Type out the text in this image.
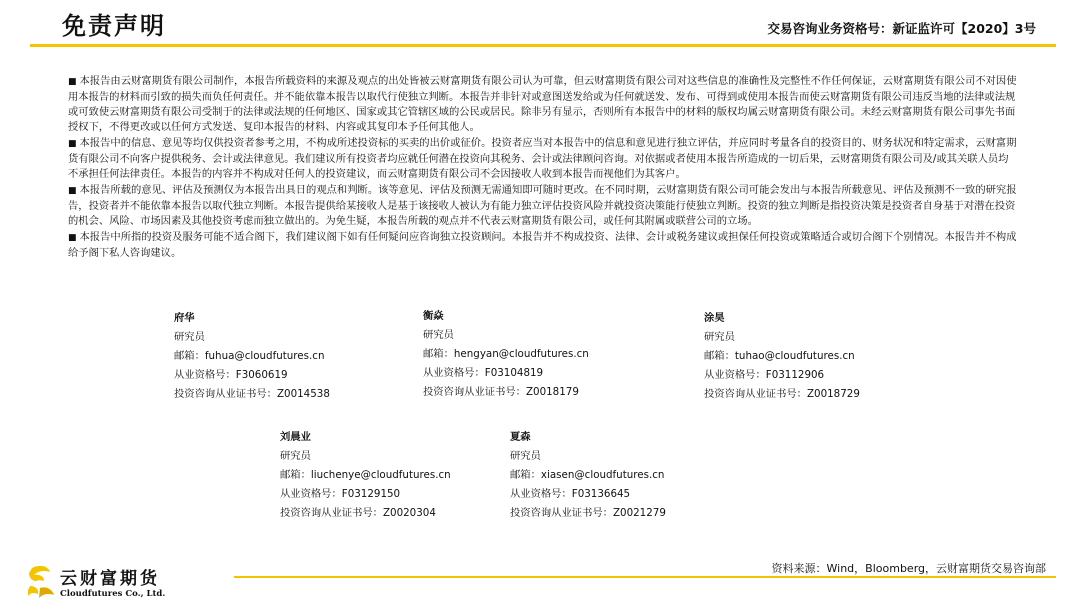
免责声明	交易咨询业务资格号：新证监许可【2020】3号

■ 本报告由云财富期货有限公司制作，本报告所载资料的来源及观点的出处皆被云财富期货有限公司认为可靠，但云财富期货有限公司对这些信息的准确性及完整性不作任何保证，云财富期货有限公司不对因使用本报告的材料而引致的损失而负任何责任。并不能依靠本报告以取代行使独立判断。本报告并非针对或意图送发给或为任何就送发、发布、可得到或使用本报告而使云财富期货有限公司违反当地的法律或法规或可致使云财富期货有限公司受制于的法律或法规的任何地区、国家或其它管辖区域的公民或居民。除非另有显示，否则所有本报告中的材料的版权均属云财富期货有限公司。未经云财富期货有限公司事先书面授权下，不得更改或以任何方式发送、复印本报告的材料、内容或其复印本予任何其他人。

■ 本报告中的信息、意见等均仅供投资者参考之用，不构成所述投资标的买卖的出价或征价。投资者应当对本报告中的信息和意见进行独立评估，并应同时考量各自的投资目的、财务状况和特定需求，云财富期货有限公司不向客户提供税务、会计或法律意见。我们建议所有投资者均应就任何潜在投资向其税务、会计或法律顾问咨询。对依据或者使用本报告所造成的一切后果，云财富期货有限公司及/或其关联人员均不承担任何法律责任。本报告的内容并不构成对任何人的投资建议，而云财富期货有限公司不会因接收人收到本报告而视他们为其客户。

■ 本报告所载的意见、评估及预测仅为本报告出具日的观点和判断。该等意见、评估及预测无需通知即可随时更改。在不同时期，云财富期货有限公司可能会发出与本报告所载意见、评估及预测不一致的研究报告，投资者并不能依靠本报告以取代独立判断。本报告提供给某接收人是基于该接收人被认为有能力独立评估投资风险并就投资决策能行使独立判断。投资的独立判断是指投资决策是投资者自身基于对潜在投资的机会、风险、市场因素及其他投资考虑而独立做出的。为免生疑，本报告所载的观点并不代表云财富期货有限公司，或任何其附属或联营公司的立场。

■ 本报告中所指的投资及服务可能不适合阁下，我们建议阁下如有任何疑问应咨询独立投资顾问。本报告并不构成投资、法律、会计或税务建议或担保任何投资或策略适合或切合阁下个别情况。本报告并不构成给予阁下私人咨询建议。

府华
研究员
邮箱：fuhua@cloudfutures.cn
从业资格号：F3060619
投资咨询从业证书号：Z0014538
衡焱
研究员
邮箱：hengyan@cloudfutures.cn
从业资格号：F03104819
投资咨询从业证书号：Z0018179
涂昊
研究员
邮箱：tuhao@cloudfutures.cn
从业资格号：F03112906
投资咨询从业证书号：Z0018729
刘晨业
研究员
邮箱：liuchenye@cloudfutures.cn
从业资格号：F03129150
投资咨询从业证书号：Z0020304
夏森
研究员
邮箱：xiasen@cloudfutures.cn
从业资格号：F03136645
投资咨询从业证书号：Z0021279
云财富期货
Cloudfutures Co., Ltd.
资料来源：Wind，Bloomberg，云财富期货交易咨询部
